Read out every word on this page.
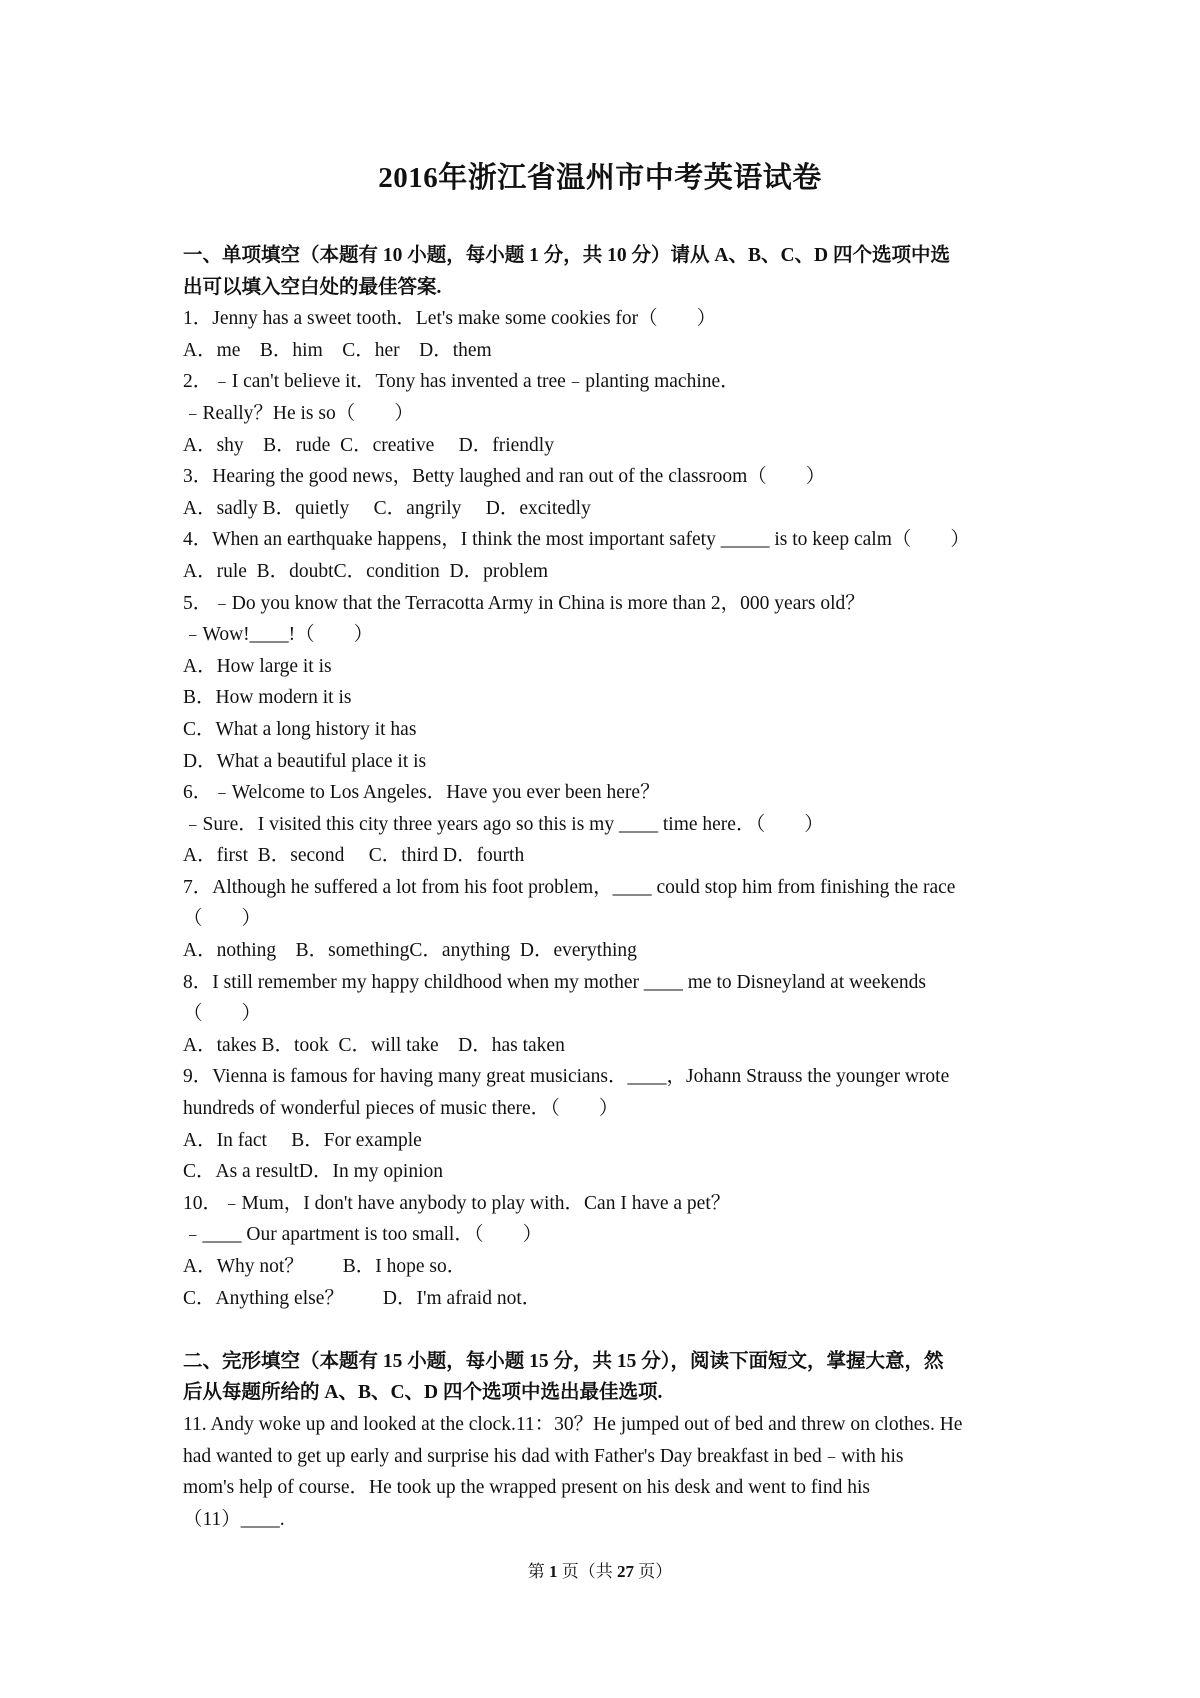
2016年浙江省温州市中考英语试卷
一、单项填空（本题有 10 小题，每小题 1 分，共 10 分）请从 A、B、C、D 四个选项中选
出可以填入空白处的最佳答案.
1．Jenny has a sweet tooth．Let's make some cookies for（　　）
A．me　B．him　C．her　D．them
2．﹣I can't believe it．Tony has invented a tree﹣planting machine．
﹣Really？He is so（　　）
A．shy　B．rude  C．creative　 D．friendly
3．Hearing the good news，Betty laughed and ran out of the classroom（　　）
A．sadly B．quietly　 C．angrily　 D．excitedly
4．When an earthquake happens，I think the most important safety _____ is to keep calm（　　）
A．rule  B．doubtC．condition  D．problem
5．﹣Do you know that the Terracotta Army in China is more than 2，000 years old？
﹣Wow!____!（　　）
A．How large it is
B．How modern it is
C．What a long history it has
D．What a beautiful place it is
6．﹣Welcome to Los Angeles．Have you ever been here？
﹣Sure．I visited this city three years ago so this is my ____ time here．（　　）
A．first  B．second　 C．third D．fourth
7．Although he suffered a lot from his foot problem，____ could stop him from finishing the race
（　　）
A．nothing　B．somethingC．anything  D．everything
8．I still remember my happy childhood when my mother ____ me to Disneyland at weekends
（　　）
A．takes B．took  C．will take　D．has taken
9．Vienna is famous for having many great musicians．____，Johann Strauss the younger wrote
hundreds of wonderful pieces of music there．（　　）
A．In fact　 B．For example
C．As a resultD．In my opinion
10．﹣Mum，I don't have anybody to play with．Can I have a pet？
﹣____ Our apartment is too small．（　　）
A．Why not？　　B．I hope so．
C．Anything else？　　D．I'm afraid not．
二、完形填空（本题有 15 小题，每小题 15 分，共 15 分），阅读下面短文，掌握大意，然
后从每题所给的 A、B、C、D 四个选项中选出最佳选项.
11. Andy woke up and looked at the clock.11：30？He jumped out of bed and threw on clothes. He
had wanted to get up early and surprise his dad with Father's Day breakfast in bed﹣with his
mom's help of course．He took up the wrapped present on his desk and went to find his
（11）____.
第 1 页（共 27 页）
